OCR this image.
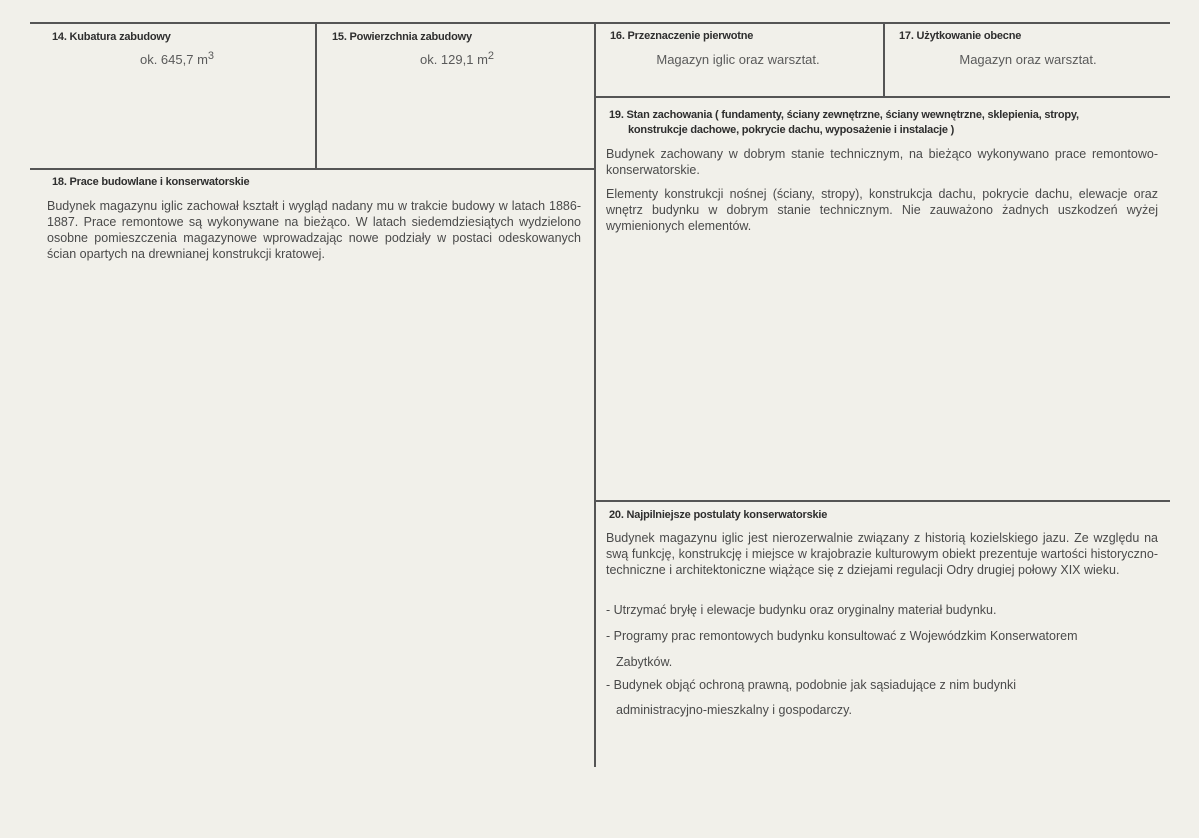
14. Kubatura zabudowy
ok. 645,7 $m^3$
15. Powierzchnia zabudowy
ok. 129,1 $m^2$
16. Przeznaczenie pierwotne
Magazyn iglic oraz warsztat.
17. Użytkowanie obecne
Magazyn oraz warsztat.
18. Prace budowlane i konserwatorskie

Budynek magazynu iglic zachował kształt i wygląd nadany mu w trakcie budowy w latach 1886-1887. Prace remontowe są wykonywane na bieżąco. W latach siedemdziesiątych wydzielono osobne pomieszczenia magazynowe wprowadzając nowe podziały w postaci odeskowanych ścian opartych na drewnianej konstrukcji kratowej.

19. Stan zachowania ( fundamenty, ściany zewnętrzne, ściany wewnętrzne, sklepienia, stropy,
konstrukcje dachowe, pokrycie dachu, wyposażenie i instalacje )

Budynek zachowany w dobrym stanie technicznym, na bieżąco wykonywano prace remontowo-konserwatorskie.

Elementy konstrukcji nośnej (ściany, stropy), konstrukcja dachu, pokrycie dachu, elewacje oraz wnętrz budynku w dobrym stanie technicznym. Nie zauważono żadnych uszkodzeń wyżej wymienionych elementów.

20. Najpilniejsze postulaty konserwatorskie

Budynek magazynu iglic jest nierozerwalnie związany z historią kozielskiego jazu. Ze względu na swą funkcję, konstrukcję i miejsce w krajobrazie kulturowym obiekt prezentuje wartości historyczno-techniczne i architektoniczne wiążące się z dziejami regulacji Odry drugiej połowy XIX wieku.

- Utrzymać bryłę i elewacje budynku oraz oryginalny materiał budynku.

- Programy prac remontowych budynku konsultować z Wojewódzkim Konserwatorem

Zabytków.

- Budynek objąć ochroną prawną, podobnie jak sąsiadujące z nim budynki

administracyjno-mieszkalny i gospodarczy.
